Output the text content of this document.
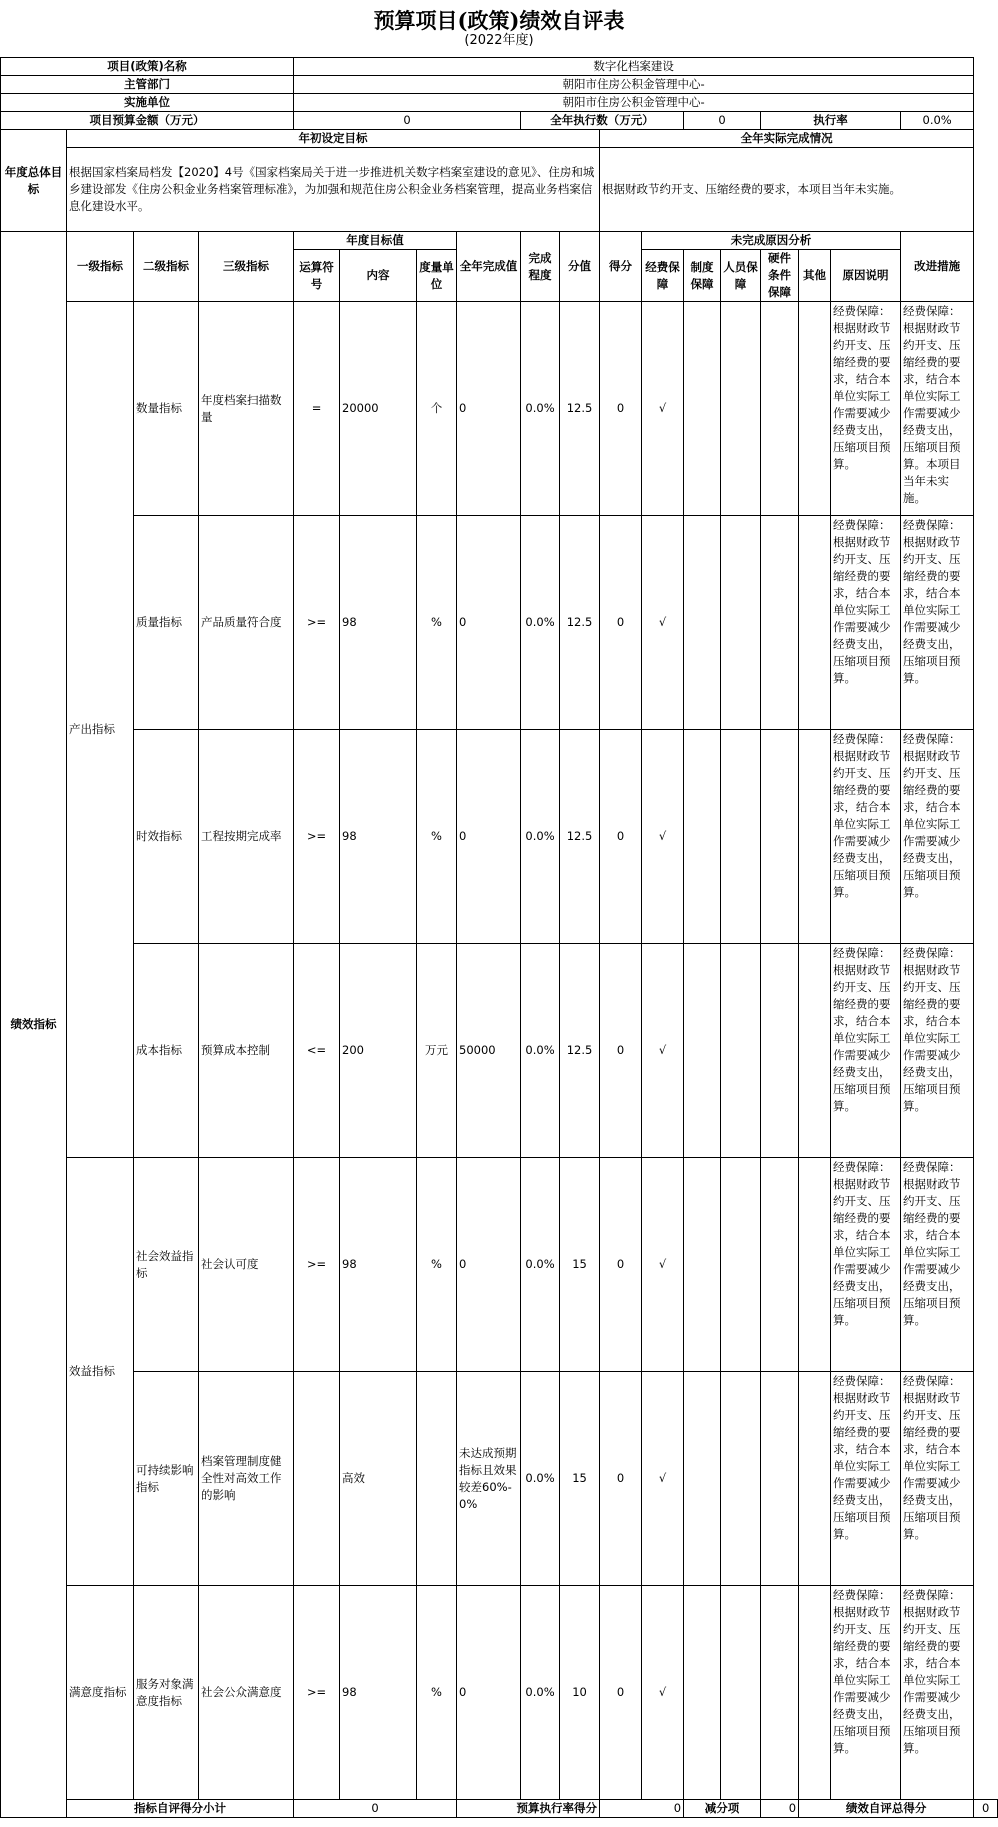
预算项目(政策)绩效自评表
(2022年度)
项目(政策)名称				数字化档案建设														
主管部门				朝阳市住房公积金管理中心-														
实施单位				朝阳市住房公积金管理中心-														
项目预算金额（万元）				0				全年执行数（万元）				0		执行率			0.0%	
年度总体目标	年初设定目标									全年实际完成情况								
	根据国家档案局档发【2020】4号《国家档案局关于进一步推进机关数字档案室建设的意见》、住房和城乡建设部发《住房公积金业务档案管理标准》，为加强和规范住房公积金业务档案管理，提高业务档案信息化建设水平。									根据财政节约开支、压缩经费的要求，本项目当年未实施。								
绩效指标	一级指标	二级指标	三级指标	年度目标值			全年完成值	完成程度	分值	得分	未完成原因分析						改进措施	
				运算符号	内容	度量单位					经费保障	制度保障	人员保障	硬件条件保障	其他	原因说明		
	产出指标	数量指标	年度档案扫描数量	=	20000	个	0	0.0%	12.5	0	√					经费保障：根据财政节约开支、压缩经费的要求，结合本单位实际工作需要减少经费支出，压缩项目预算。	经费保障：根据财政节约开支、压缩经费的要求，结合本单位实际工作需要减少经费支出，压缩项目预算。本项目当年未实施。	
		质量指标	产品质量符合度	>=	98	%	0	0.0%	12.5	0	√					经费保障：根据财政节约开支、压缩经费的要求，结合本单位实际工作需要减少经费支出，压缩项目预算。	经费保障：根据财政节约开支、压缩经费的要求，结合本单位实际工作需要减少经费支出，压缩项目预算。	
		时效指标	工程按期完成率	>=	98	%	0	0.0%	12.5	0	√					经费保障：根据财政节约开支、压缩经费的要求，结合本单位实际工作需要减少经费支出，压缩项目预算。	经费保障：根据财政节约开支、压缩经费的要求，结合本单位实际工作需要减少经费支出，压缩项目预算。	
		成本指标	预算成本控制	<=	200	万元	50000	0.0%	12.5	0	√					经费保障：根据财政节约开支、压缩经费的要求，结合本单位实际工作需要减少经费支出，压缩项目预算。	经费保障：根据财政节约开支、压缩经费的要求，结合本单位实际工作需要减少经费支出，压缩项目预算。	
	效益指标	社会效益指标	社会认可度	>=	98	%	0	0.0%	15	0	√					经费保障：根据财政节约开支、压缩经费的要求，结合本单位实际工作需要减少经费支出，压缩项目预算。	经费保障：根据财政节约开支、压缩经费的要求，结合本单位实际工作需要减少经费支出，压缩项目预算。	
		可持续影响指标	档案管理制度健全性对高效工作的影响		高效		未达成预期指标且效果较差60%-0%	0.0%	15	0	√					经费保障：根据财政节约开支、压缩经费的要求，结合本单位实际工作需要减少经费支出，压缩项目预算。	经费保障：根据财政节约开支、压缩经费的要求，结合本单位实际工作需要减少经费支出，压缩项目预算。	
	满意度指标	服务对象满意度指标	社会公众满意度	>=	98	%	0	0.0%	10	0	√					经费保障：根据财政节约开支、压缩经费的要求，结合本单位实际工作需要减少经费支出，压缩项目预算。	经费保障：根据财政节约开支、压缩经费的要求，结合本单位实际工作需要减少经费支出，压缩项目预算。	
	指标自评得分小计			0			预算执行率得分			0		减分项		0	绩效自评总得分			0
